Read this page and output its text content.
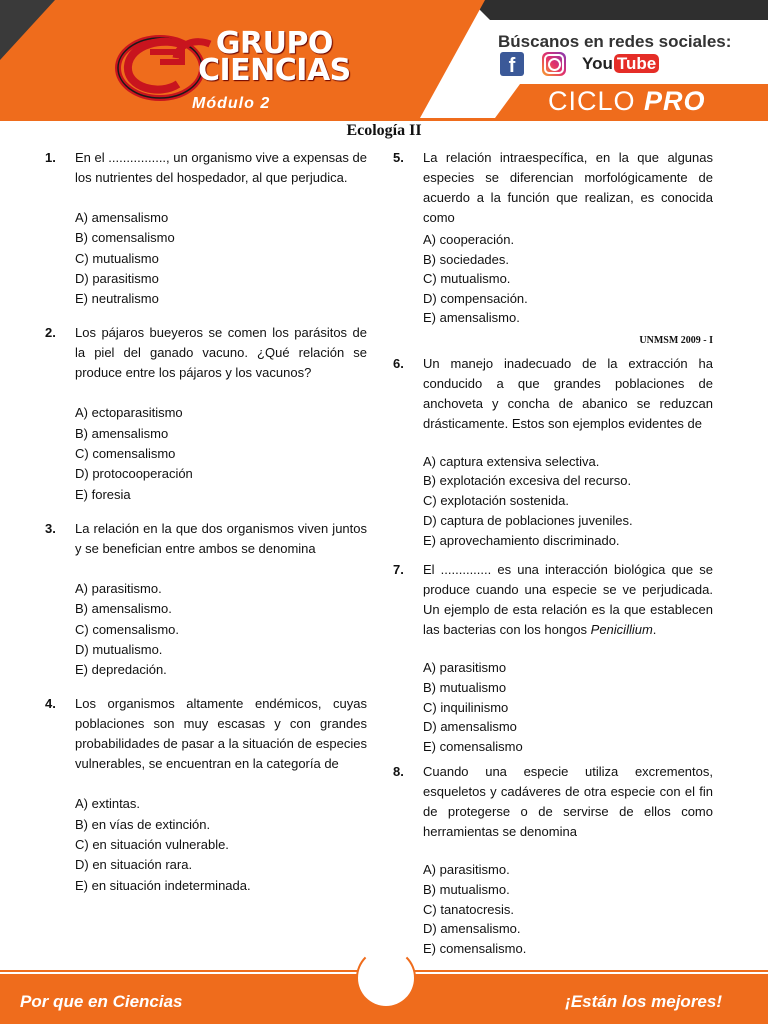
GRUPO
CIENCIAS
Módulo 2
Búscanos en redes sociales:
f	You Tube
CICLO PRO
Ecología II
1. En el ................, un organismo vive a expensas de los nutrientes del hospedador, al que perjudica.
A) amensalismo
B) comensalismo
C) mutualismo
D) parasitismo
E) neutralismo
2. Los pájaros bueyeros se comen los parásitos de la piel del ganado vacuno. ¿Qué relación se produce entre los pájaros y los vacunos?
A) ectoparasitismo
B) amensalismo
C) comensalismo
D) protocooperación
E) foresia
3. La relación en la que dos organismos viven juntos y se benefician entre ambos se denomina
A) parasitismo.
B) amensalismo.
C) comensalismo.
D) mutualismo.
E) depredación.
4. Los organismos altamente endémicos, cuyas poblaciones son muy escasas y con grandes probabilidades de pasar a la situación de especies vulnerables, se encuentran en la categoría de
A) extintas.
B) en vías de extinción.
C) en situación vulnerable.
D) en situación rara.
E) en situación indeterminada.
5. La relación intraespecífica, en la que algunas especies se diferencian morfológicamente de acuerdo a la función que realizan, es conocida como
A) cooperación.
B) sociedades.
C) mutualismo.
D) compensación.
E) amensalismo.
UNMSM 2009 - I
6. Un manejo inadecuado de la extracción ha conducido a que grandes poblaciones de anchoveta y concha de abanico se reduzcan drásticamente. Estos son ejemplos evidentes de
A) captura extensiva selectiva.
B) explotación excesiva del recurso.
C) explotación sostenida.
D) captura de poblaciones juveniles.
E) aprovechamiento discriminado.
7. El .............. es una interacción biológica que se produce cuando una especie se ve perjudicada. Un ejemplo de esta relación es la que establecen las bacterias con los hongos Penicillium.
A) parasitismo
B) mutualismo
C) inquilinismo
D) amensalismo
E) comensalismo
8. Cuando una especie utiliza excrementos, esqueletos y cadáveres de otra especie con el fin de protegerse o de servirse de ellos como herramientas se denomina
A) parasitismo.
B) mutualismo.
C) tanatocresis.
D) amensalismo.
E) comensalismo.
Por que en Ciencias	¡Están los mejores!
